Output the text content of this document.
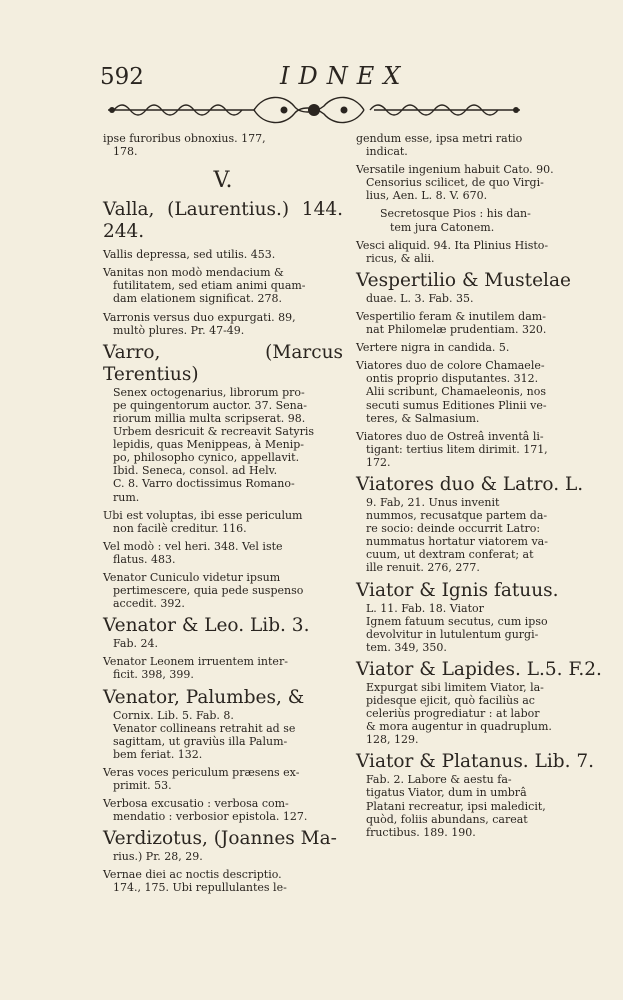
592	IDNEX
ipse furoribus obnoxius. 177,

178.
V.
Valla, (Laurentius.) 144. 244.
Vallis depressa, sed utilis. 453.
Vanitas non modò mendacium &

futilitatem, sed etiam animi quam-
dam elationem significat. 278.
Varronis versus duo expurgati. 89,

multò plures. Pr. 47-49.
Varro, (Marcus Terentius)

Senex octogenarius, librorum pro-
pe quingentorum auctor. 37. Sena-
riorum millia multa scripserat. 98.
Urbem desricuit & recreavit Satyris
lepidis, quas Menippeas, à Menip-
po, philosopho cynico, appellavit.
Ibid. Seneca, consol. ad Helv.
C. 8. Varro doctissimus Romano-
rum.
Ubi est voluptas, ibi esse periculum

non facilè creditur. 116.
Vel modò : vel heri. 348. Vel iste

flatus. 483.
Venator Cuniculo videtur ipsum

pertimescere, quia pede suspenso
accedit. 392.
Venator & Leo. Lib. 3.

Fab. 24.
Venator Leonem irruentem inter-

ficit. 398, 399.
Venator, Palumbes, &

Cornix. Lib. 5. Fab. 8.
Venator collineans retrahit ad se
sagittam, ut graviùs illa Palum-
bem feriat. 132.
Veras voces periculum præsens ex-

primit. 53.
Verbosa excusatio : verbosa com-

mendatio : verbosior epistola. 127.
Verdizotus, (Joannes Ma-

rius.) Pr. 28, 29.
Vernae diei ac noctis descriptio.

174., 175. Ubi repullulantes le-
gendum esse, ipsa metri ratio

indicat.
Versatile ingenium habuit Cato. 90.

Censorius scilicet, de quo Virgi-
lius, Aen. L. 8. V. 670.
Secretosque Pios : his dan-

tem jura Catonem.
Vesci aliquid. 94. Ita Plinius Histo-

ricus, & alii.
Vespertilio & Mustelae

duae. L. 3. Fab. 35.
Vespertilio feram & inutilem dam-

nat Philomelæ prudentiam. 320.
Vertere nigra in candida. 5.
Viatores duo de colore Chamaele-

ontis proprio disputantes. 312.
Alii scribunt, Chamaeleonis, nos
secuti sumus Editiones Plinii ve-
teres, & Salmasium.
Viatores duo de Ostreâ inventâ li-

tigant: tertius litem dirimit. 171,
172.
Viatores duo & Latro. L.

9. Fab, 21. Unus invenit
nummos, recusatque partem da-
re socio: deinde occurrit Latro:
nummatus hortatur viatorem va-
cuum, ut dextram conferat; at
ille renuit. 276, 277.
Viator & Ignis fatuus.

L. 11. Fab. 18. Viator
Ignem fatuum secutus, cum ipso
devolvitur in lutulentum gurgi-
tem. 349, 350.
Viator & Lapides. L.5. F.2.

Expurgat sibi limitem Viator, la-
pidesque ejicit, quò faciliùs ac
celeriùs progrediatur : at labor
& mora augentur in quadruplum.
128, 129.
Viator & Platanus. Lib. 7.

Fab. 2. Labore & aestu fa-
tigatus Viator, dum in umbrâ
Platani recreatur, ipsi maledicit,
quòd, foliis abundans, careat
fructibus. 189. 190.
